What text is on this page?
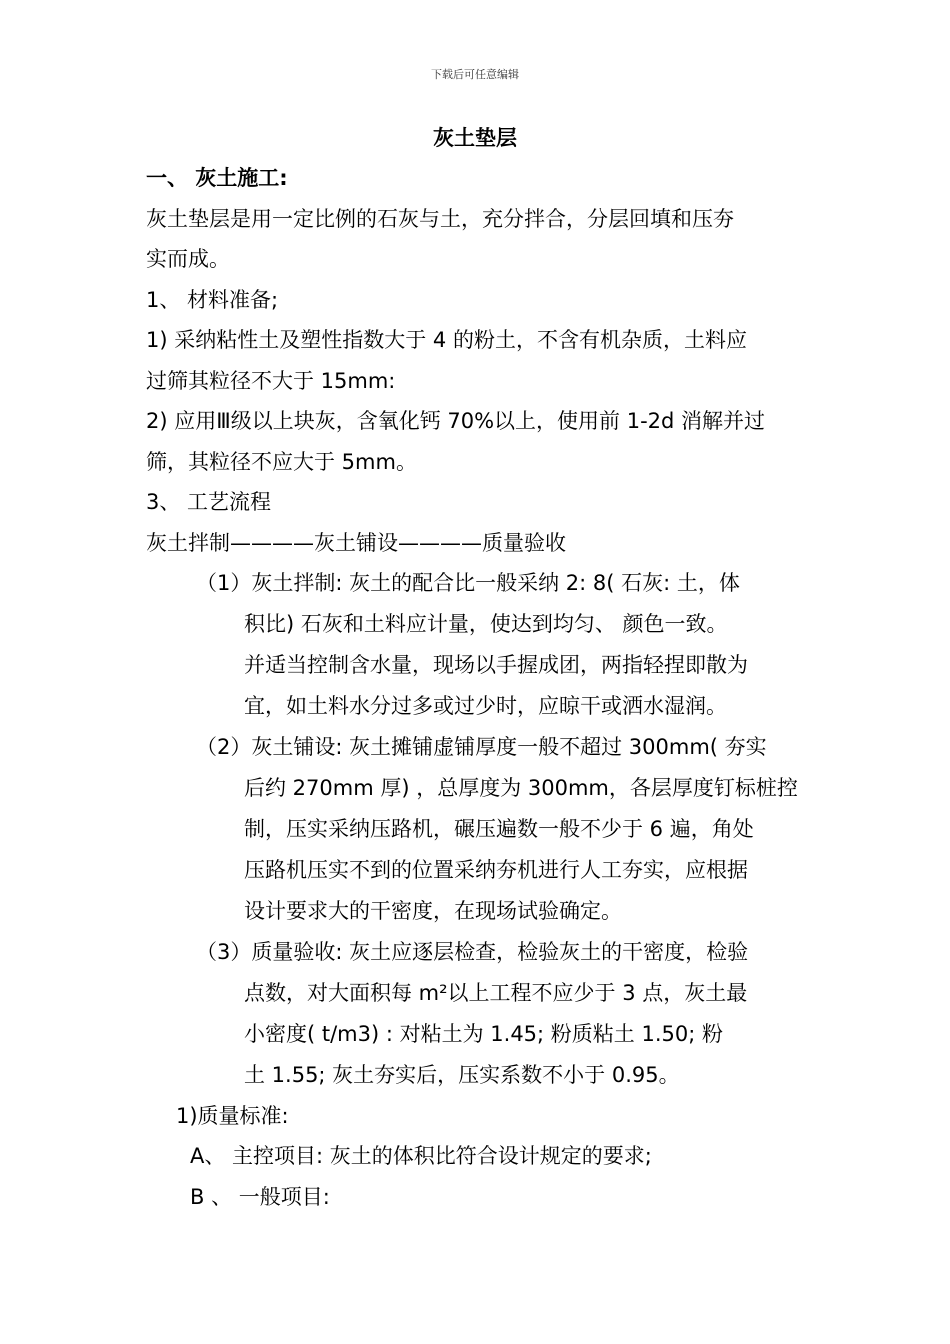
下载后可任意编辑
灰土垫层
一、 灰土施工:
灰土垫层是用一定比例的石灰与土，充分拌合，分层回填和压夯
实而成。
1、 材料准备;
1) 采纳粘性土及塑性指数大于 4 的粉土，不含有机杂质，土料应
过筛其粒径不大于 15mm:
2) 应用Ⅲ级以上块灰，含氧化钙 70%以上，使用前 1-2d 消解并过
筛，其粒径不应大于 5mm。
3、 工艺流程
灰土拌制————灰土铺设————质量验收
（1）灰土拌制: 灰土的配合比一般采纳 2: 8( 石灰: 土，体
积比) 石灰和土料应计量，使达到均匀、 颜色一致。
并适当控制含水量，现场以手握成团，两指轻捏即散为
宜，如土料水分过多或过少时，应晾干或洒水湿润。
（2）灰土铺设: 灰土摊铺虚铺厚度一般不超过 300mm( 夯实
后约 270mm 厚) ，总厚度为 300mm，各层厚度钉标桩控
制，压实采纳压路机，碾压遍数一般不少于 6 遍，角处
压路机压实不到的位置采纳夯机进行人工夯实，应根据
设计要求大的干密度，在现场试验确定。
（3）质量验收: 灰土应逐层检查，检验灰土的干密度，检验
点数，对大面积每 m²以上工程不应少于 3 点，灰土最
小密度( t/m3) : 对粘土为 1.45; 粉质粘土 1.50; 粉
土 1.55; 灰土夯实后，压实系数不小于 0.95。
1)质量标准:
A、 主控项目: 灰土的体积比符合设计规定的要求;
B 、 一般项目:
